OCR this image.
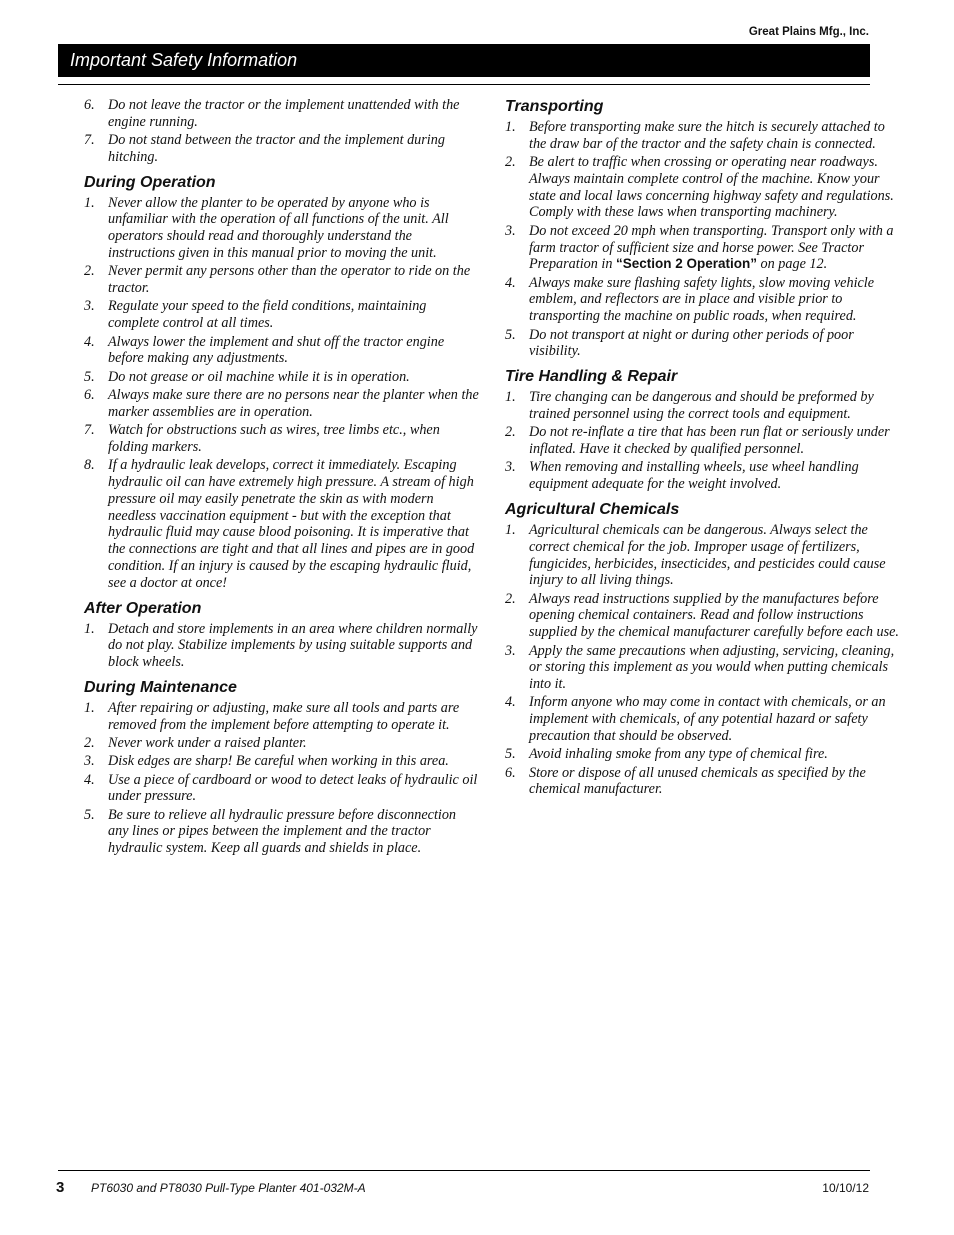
Great Plains Mfg., Inc.
Important Safety Information
6. Do not leave the tractor or the implement unattended with the engine running.
7. Do not stand between the tractor and the implement during hitching.
During Operation
1. Never allow the planter to be operated by anyone who is unfamiliar with the operation of all functions of the unit. All operators should read and thoroughly understand the instructions given in this manual prior to moving the unit.
2. Never permit any persons other than the operator to ride on the tractor.
3. Regulate your speed to the field conditions, maintaining complete control at all times.
4. Always lower the implement and shut off the tractor engine before making any adjustments.
5. Do not grease or oil machine while it is in operation.
6. Always make sure there are no persons near the planter when the marker assemblies are in operation.
7. Watch for obstructions such as wires, tree limbs etc., when folding markers.
8. If a hydraulic leak develops, correct it immediately. Escaping hydraulic oil can have extremely high pressure. A stream of high pressure oil may easily penetrate the skin as with modern needless vaccination equipment - but with the exception that hydraulic fluid may cause blood poisoning. It is imperative that the connections are tight and that all lines and pipes are in good condition. If an injury is caused by the escaping hydraulic fluid, see a doctor at once!
After Operation
1. Detach and store implements in an area where children normally do not play. Stabilize implements by using suitable supports and block wheels.
During Maintenance
1. After repairing or adjusting, make sure all tools and parts are removed from the implement before attempting to operate it.
2. Never work under a raised planter.
3. Disk edges are sharp! Be careful when working in this area.
4. Use a piece of cardboard or wood to detect leaks of hydraulic oil under pressure.
5. Be sure to relieve all hydraulic pressure before disconnection any lines or pipes between the implement and the tractor hydraulic system. Keep all guards and shields in place.
Transporting
1. Before transporting make sure the hitch is securely attached to the draw bar of the tractor and the safety chain is connected.
2. Be alert to traffic when crossing or operating near roadways. Always maintain complete control of the machine. Know your state and local laws concerning highway safety and regulations. Comply with these laws when transporting machinery.
3. Do not exceed 20 mph when transporting. Transport only with a farm tractor of sufficient size and horse power. See Tractor Preparation in “Section 2 Operation” on page 12.
4. Always make sure flashing safety lights, slow moving vehicle emblem, and reflectors are in place and visible prior to transporting the machine on public roads, when required.
5. Do not transport at night or during other periods of poor visibility.
Tire Handling & Repair
1. Tire changing can be dangerous and should be preformed by trained personnel using the correct tools and equipment.
2. Do not re-inflate a tire that has been run flat or seriously under inflated. Have it checked by qualified personnel.
3. When removing and installing wheels, use wheel handling equipment adequate for the weight involved.
Agricultural Chemicals
1. Agricultural chemicals can be dangerous. Always select the correct chemical for the job. Improper usage of fertilizers, fungicides, herbicides, insecticides, and pesticides could cause injury to all living things.
2. Always read instructions supplied by the manufactures before opening chemical containers. Read and follow instructions supplied by the chemical manufacturer carefully before each use.
3. Apply the same precautions when adjusting, servicing, cleaning, or storing this implement as you would when putting chemicals into it.
4. Inform anyone who may come in contact with chemicals, or an implement with chemicals, of any potential hazard or safety precaution that should be observed.
5. Avoid inhaling smoke from any type of chemical fire.
6. Store or dispose of all unused chemicals as specified by the chemical manufacturer.
3 PT6030 and PT8030 Pull-Type Planter 401-032M-A	10/10/12
